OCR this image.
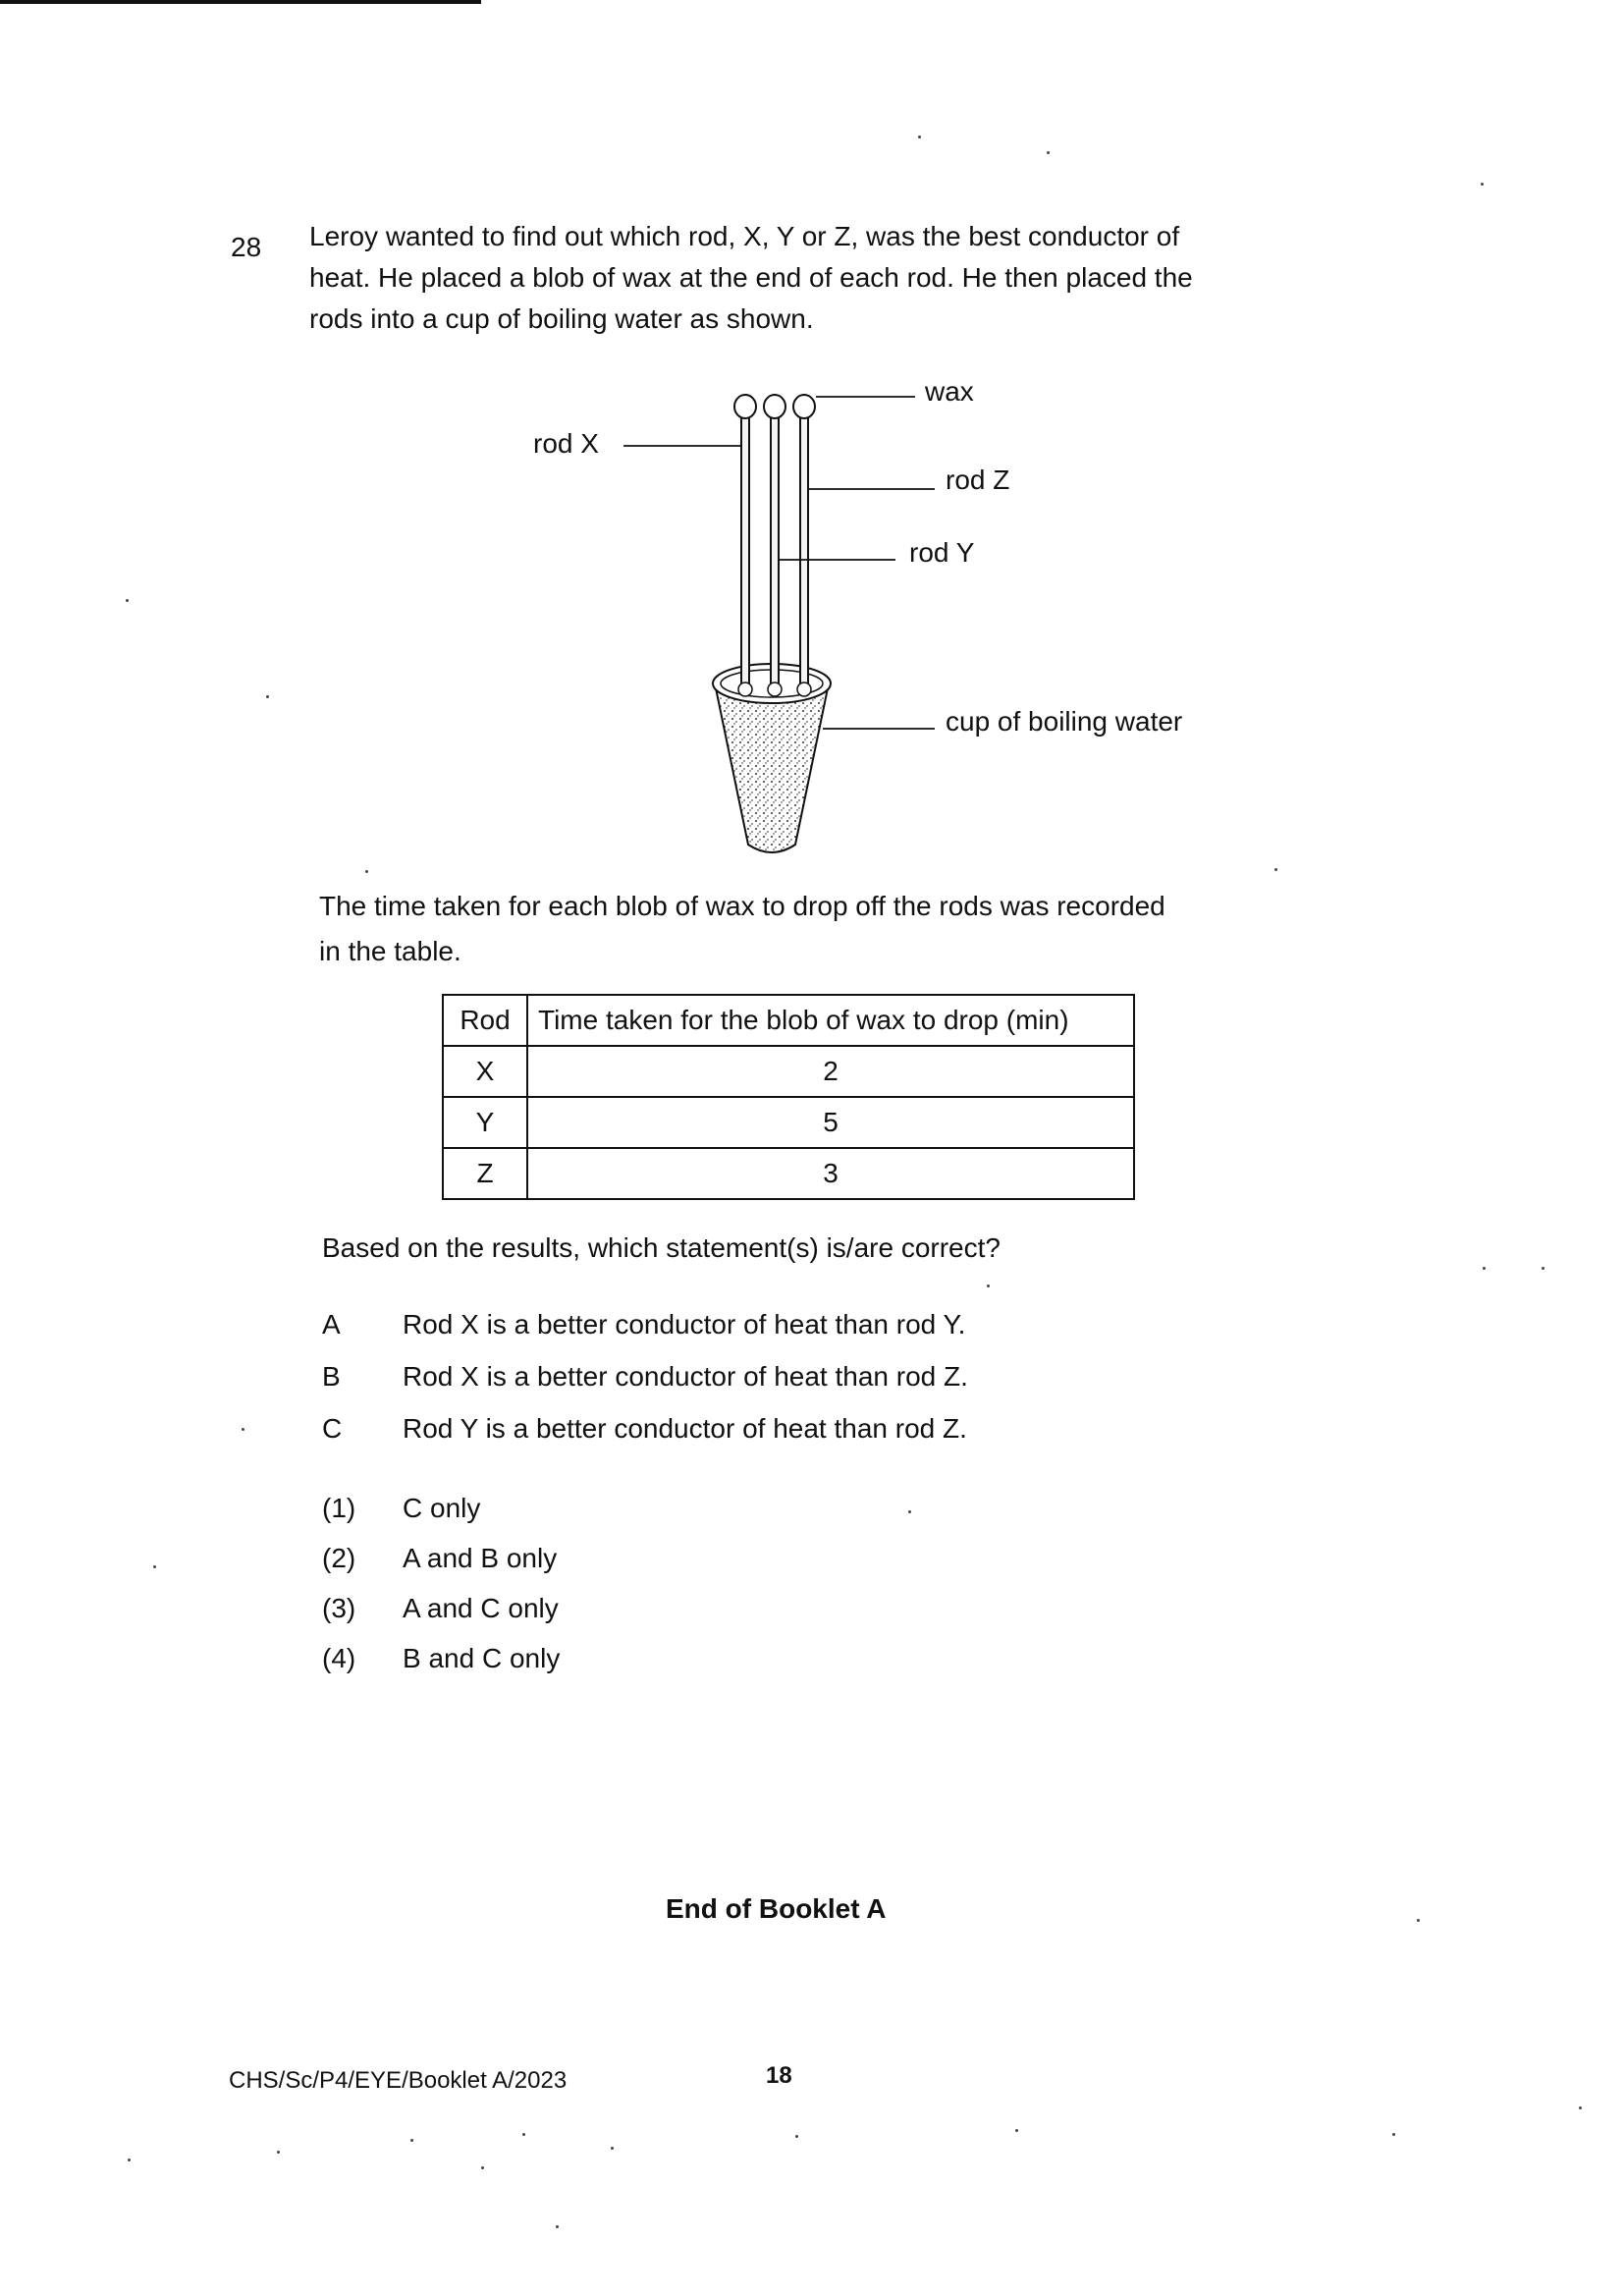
28 Leroy wanted to find out which rod, X, Y or Z, was the best conductor of

heat. He placed a blob of wax at the end of each rod. He then placed the

rods into a cup of boiling water as shown.

wax
rod X
rod Z
rod Y
cup of boiling water
The time taken for each blob of wax to drop off the rods was recorded
in the table.
Rod	Time taken for the blob of wax to drop (min)
X	2
Y	5
Z	3
Based on the results, which statement(s) is/are correct?
A	Rod X is a better conductor of heat than rod Y.
B	Rod X is a better conductor of heat than rod Z.
C	Rod Y is a better conductor of heat than rod Z.
(1)	C only
(2)	A and B only
(3)	A and C only
(4)	B and C only
End of Booklet A
CHS/Sc/P4/EYE/Booklet A/2023	18
